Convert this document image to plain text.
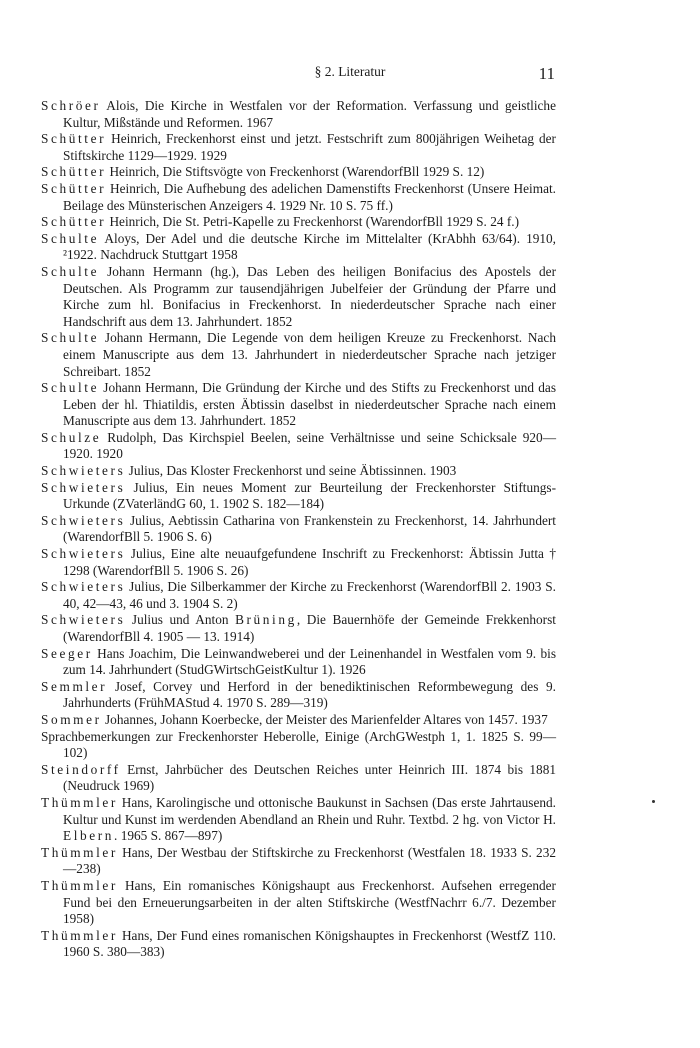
§ 2. Literatur	11

Schröer Alois, Die Kirche in Westfalen vor der Reformation. Verfassung und geistliche Kultur, Mißstände und Reformen. 1967

Schütter Heinrich, Freckenhorst einst und jetzt. Festschrift zum 800jährigen Weihetag der Stiftskirche 1129—1929. 1929

Schütter Heinrich, Die Stiftsvögte von Freckenhorst (WarendorfBll 1929 S. 12)

Schütter Heinrich, Die Aufhebung des adelichen Damenstifts Freckenhorst (Unsere Heimat. Beilage des Münsterischen Anzeigers 4. 1929 Nr. 10 S. 75 ff.)

Schütter Heinrich, Die St. Petri-Kapelle zu Freckenhorst (WarendorfBll 1929 S. 24 f.)

Schulte Aloys, Der Adel und die deutsche Kirche im Mittelalter (KrAbhh 63/64). 1910, ²1922. Nachdruck Stuttgart 1958

Schulte Johann Hermann (hg.), Das Leben des heiligen Bonifacius des Apostels der Deutschen. Als Programm zur tausendjährigen Jubelfeier der Gründung der Pfarre und Kirche zum hl. Bonifacius in Freckenhorst. In niederdeutscher Sprache nach einer Handschrift aus dem 13. Jahrhundert. 1852

Schulte Johann Hermann, Die Legende von dem heiligen Kreuze zu Freckenhorst. Nach einem Manuscripte aus dem 13. Jahrhundert in niederdeutscher Sprache nach jetziger Schreibart. 1852

Schulte Johann Hermann, Die Gründung der Kirche und des Stifts zu Freckenhorst und das Leben der hl. Thiatildis, ersten Äbtissin daselbst in niederdeutscher Sprache nach einem Manuscripte aus dem 13. Jahrhundert. 1852

Schulze Rudolph, Das Kirchspiel Beelen, seine Verhältnisse und seine Schicksale 920—1920. 1920

Schwieters Julius, Das Kloster Freckenhorst und seine Äbtissinnen. 1903

Schwieters Julius, Ein neues Moment zur Beurteilung der Freckenhorster Stiftungs-Urkunde (ZVaterländG 60, 1. 1902 S. 182—184)

Schwieters Julius, Aebtissin Catharina von Frankenstein zu Freckenhorst, 14. Jahrhundert (WarendorfBll 5. 1906 S. 6)

Schwieters Julius, Eine alte neuaufgefundene Inschrift zu Freckenhorst: Äbtissin Jutta † 1298 (WarendorfBll 5. 1906 S. 26)

Schwieters Julius, Die Silberkammer der Kirche zu Freckenhorst (WarendorfBll 2. 1903 S. 40, 42—43, 46 und 3. 1904 S. 2)

Schwieters Julius und Anton Brüning, Die Bauernhöfe der Gemeinde Frekkenhorst (WarendorfBll 4. 1905 — 13. 1914)

Seeger Hans Joachim, Die Leinwandweberei und der Leinenhandel in Westfalen vom 9. bis zum 14. Jahrhundert (StudGWirtschGeistKultur 1). 1926

Semmler Josef, Corvey und Herford in der benediktinischen Reformbewegung des 9. Jahrhunderts (FrühMAStud 4. 1970 S. 289—319)

Sommer Johannes, Johann Koerbecke, der Meister des Marienfelder Altares von 1457. 1937

Sprachbemerkungen zur Freckenhorster Heberolle, Einige (ArchGWestph 1, 1. 1825 S. 99—102)

Steindorff Ernst, Jahrbücher des Deutschen Reiches unter Heinrich III. 1874 bis 1881 (Neudruck 1969)

Thümmler Hans, Karolingische und ottonische Baukunst in Sachsen (Das erste Jahrtausend. Kultur und Kunst im werdenden Abendland an Rhein und Ruhr. Textbd. 2 hg. von Victor H. Elbern. 1965 S. 867—897)

Thümmler Hans, Der Westbau der Stiftskirche zu Freckenhorst (Westfalen 18. 1933 S. 232—238)

Thümmler Hans, Ein romanisches Königshaupt aus Freckenhorst. Aufsehen erregender Fund bei den Erneuerungsarbeiten in der alten Stiftskirche (WestfNachrr 6./7. Dezember 1958)

Thümmler Hans, Der Fund eines romanischen Königshauptes in Freckenhorst (WestfZ 110. 1960 S. 380—383)
